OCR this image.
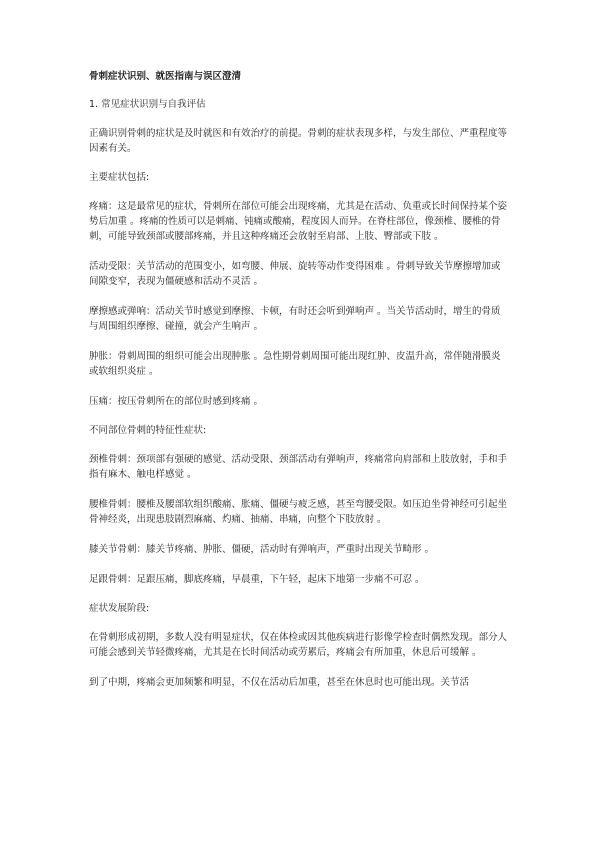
骨刺症状识别、就医指南与误区澄清
1. 常见症状识别与自我评估
正确识别骨刺的症状是及时就医和有效治疗的前提。骨刺的症状表现多样，与发生部位、严重程度等因素有关。
主要症状包括:
疼痛：这是最常见的症状，骨刺所在部位可能会出现疼痛，尤其是在活动、负重或长时间保持某个姿势后加重 。疼痛的性质可以是刺痛、钝痛或酸痛，程度因人而异。在脊柱部位，像颈椎、腰椎的骨刺，可能导致颈部或腰部疼痛，并且这种疼痛还会放射至肩部、上肢、臀部或下肢 。
活动受限：关节活动的范围变小，如弯腰、伸展、旋转等动作变得困难 。骨刺导致关节摩擦增加或间隙变窄，表现为僵硬感和活动不灵活 。
摩擦感或弹响：活动关节时感觉到摩擦、卡顿，有时还会听到弹响声 。当关节活动时，增生的骨质与周围组织摩擦、碰撞，就会产生响声 。
肿胀：骨刺周围的组织可能会出现肿胀 。急性期骨刺周围可能出现红肿、皮温升高，常伴随滑膜炎或软组织炎症 。
压痛：按压骨刺所在的部位时感到疼痛 。
不同部位骨刺的特征性症状:
颈椎骨刺：颈项部有强硬的感觉、活动受限、颈部活动有弹响声，疼痛常向肩部和上肢放射，手和手指有麻木、触电样感觉 。
腰椎骨刺：腰椎及腰部软组织酸痛、胀痛、僵硬与疲乏感，甚至弯腰受限。如压迫坐骨神经可引起坐骨神经炎，出现患肢剧烈麻痛、灼痛、抽痛、串痛，向整个下肢放射 。
膝关节骨刺：膝关节疼痛、肿胀、僵硬，活动时有弹响声，严重时出现关节畸形 。
足跟骨刺：足跟压痛，脚底疼痛，早晨重，下午轻，起床下地第一步痛不可忍 。
症状发展阶段:
在骨刺形成初期，多数人没有明显症状，仅在体检或因其他疾病进行影像学检查时偶然发现。部分人可能会感到关节轻微疼痛，尤其是在长时间活动或劳累后，疼痛会有所加重，休息后可缓解 。
到了中期，疼痛会更加频繁和明显，不仅在活动后加重，甚至在休息时也可能出现。关节活
